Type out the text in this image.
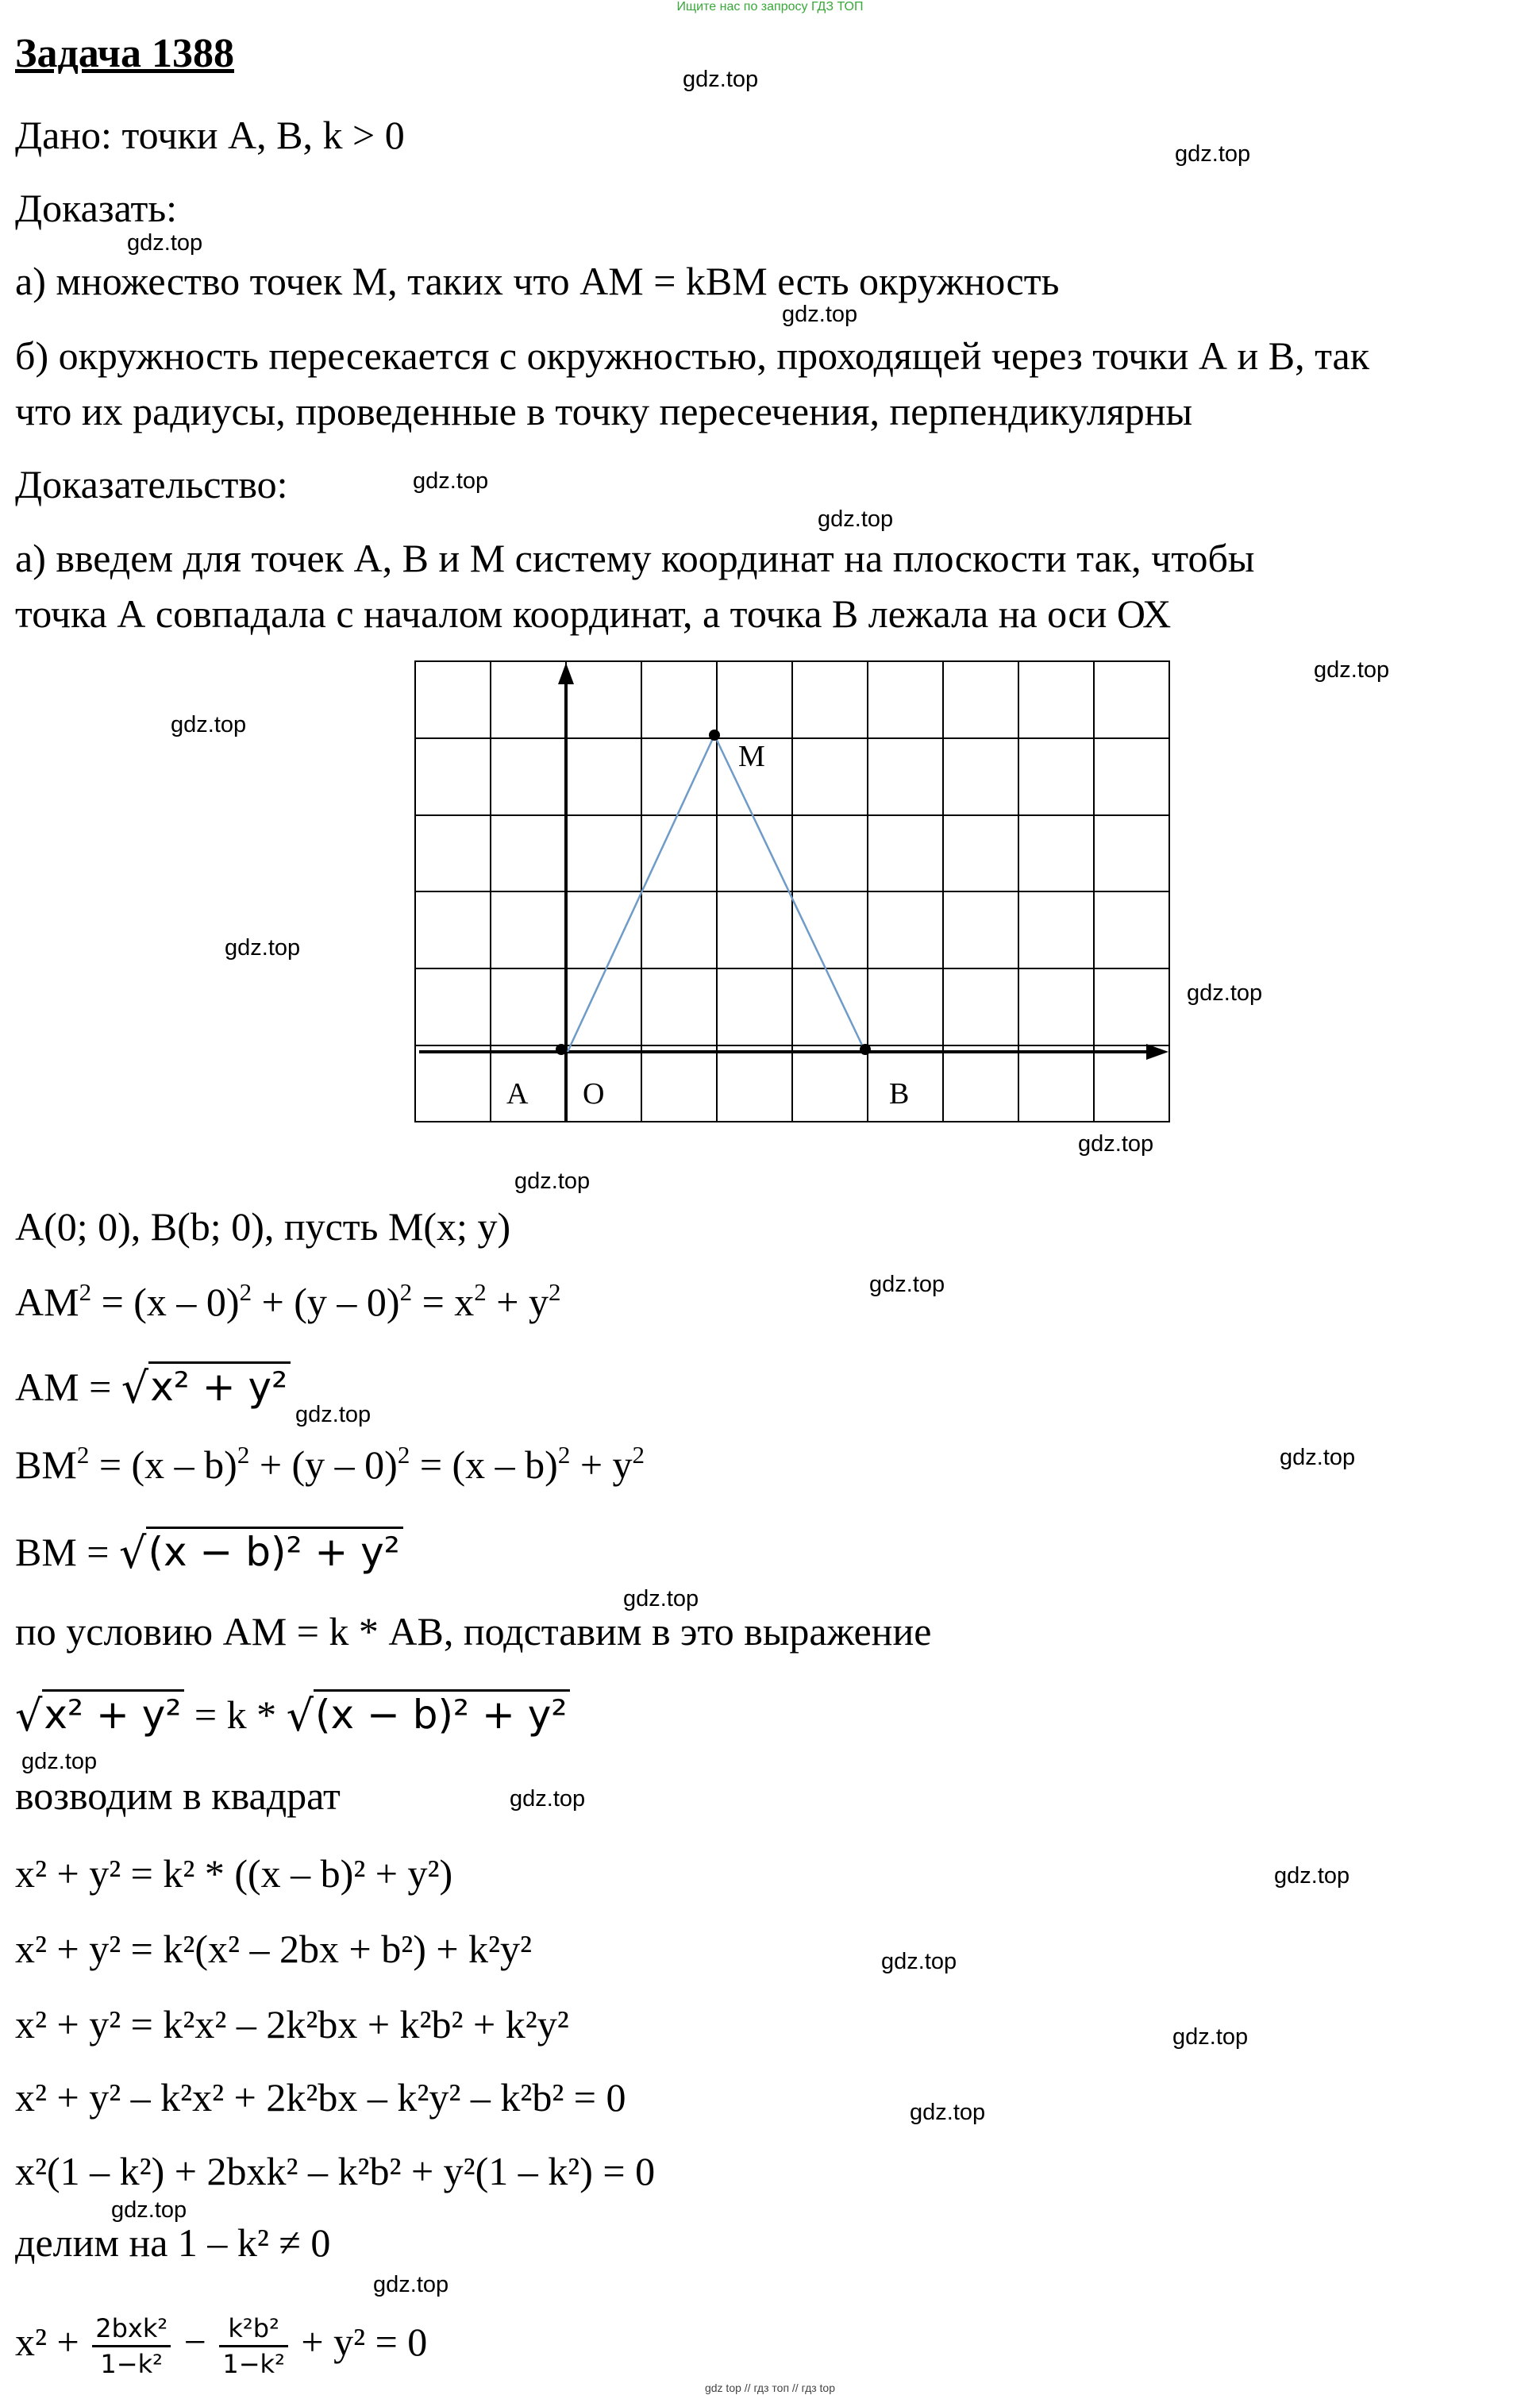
Ищите нас по запросу ГДЗ ТОП
Задача 1388
Дано: точки А, В, k > 0
Доказать:
а) множество точек М, таких что АМ = kВМ есть окружность
б) окружность пересекается с окружностью, проходящей через точки А и В, так
что их радиусы, проведенные в точку пересечения, перпендикулярны
Доказательство:
а) введем для точек А, В и М систему координат на плоскости так, чтобы
точка А совпадала с началом координат, а точка В лежала на оси ОХ
M
A O	B
А(0; 0), В(b; 0), пусть М(x; y)
$АМ^2 = (x - 0)^2 + (y - 0)^2 = x^2 + y^2$
АМ = √x² + y²
$ВМ^2 = (x - b)^2 + (y - 0)^2 = (x - b)^2 + y^2$
ВМ = √(x − b)² + y²
по условию АМ = k * АВ, подставим в это выражение
√x² + y² = k * √(x − b)² + y²
возводим в квадрат
x² + y² = k² * ((x – b)² + y²)
x² + y² = k²(x² – 2bx + b²) + k²y²
x² + y² = k²x² – 2k²bx + k²b² + k²y²
x² + y² – k²x² + 2k²bx – k²y² – k²b² = 0
x²(1 – k²) + 2bxk² – k²b² + y²(1 – k²) = 0
делим на 1 – k² ≠ 0
$x^2 + \frac{\text{2bxk²}}{\text{1−k²}} - \frac{\text{k²b²}}{\text{1−k²}} + y^2 = 0$
gdz.top
gdz.top
gdz.top
gdz.top
gdz.top
gdz.top
gdz.top
gdz.top
gdz.top
gdz.top
gdz.top
gdz.top
gdz.top
gdz.top
gdz.top
gdz.top
gdz.top
gdz.top
gdz.top
gdz.top
gdz.top
gdz.top
gdz.top
gdz.top
gdz top // гдз топ // гдз top
